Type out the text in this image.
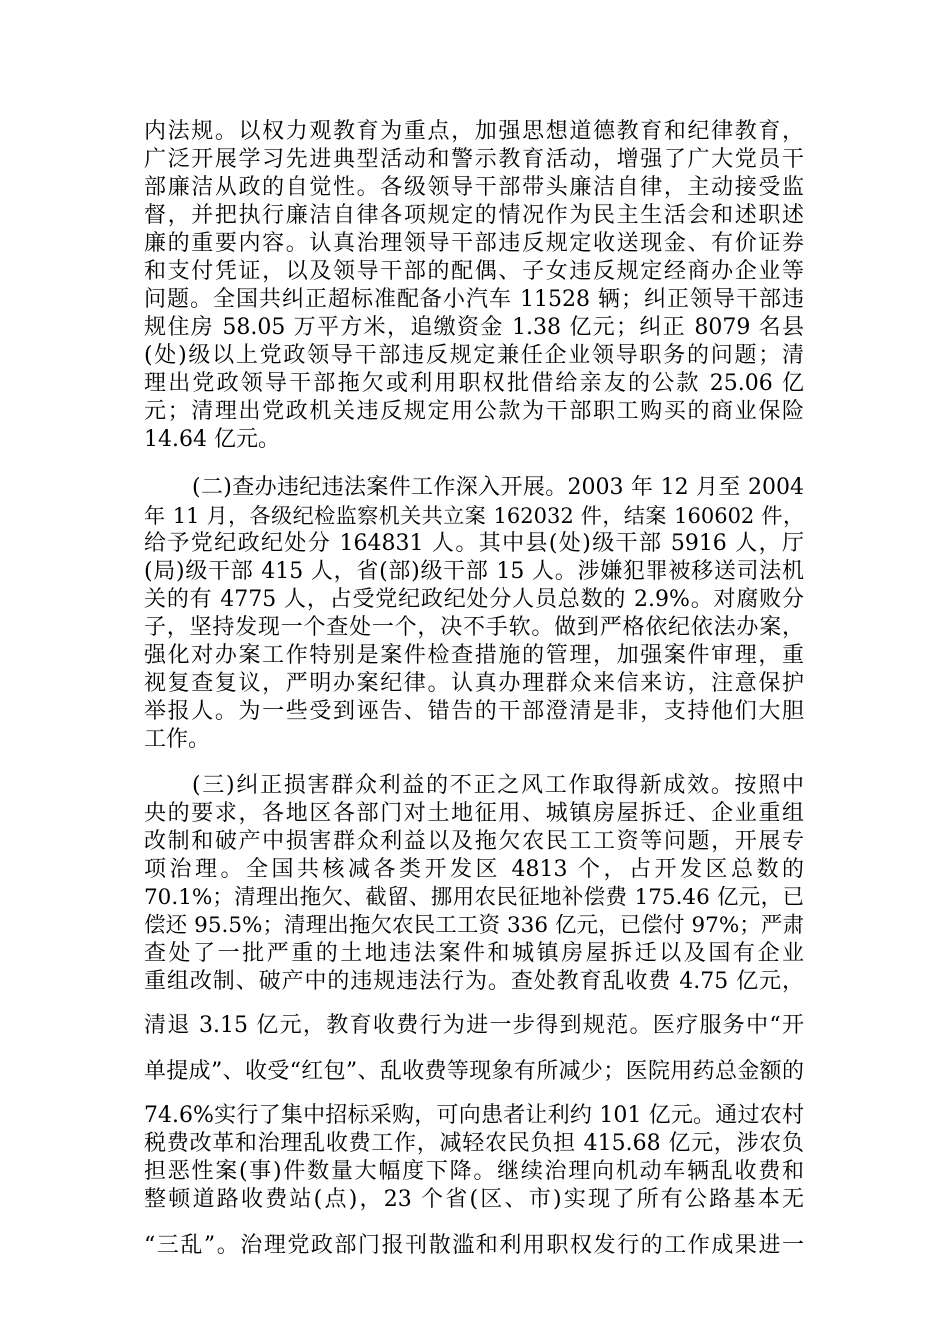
内法规。以权力观教育为重点，加强思想道德教育和纪律教育，

广泛开展学习先进典型活动和警示教育活动，增强了广大党员干

部廉洁从政的自觉性。各级领导干部带头廉洁自律，主动接受监

督，并把执行廉洁自律各项规定的情况作为民主生活会和述职述

廉的重要内容。认真治理领导干部违反规定收送现金、有价证券

和支付凭证，以及领导干部的配偶、子女违反规定经商办企业等

问题。全国共纠正超标准配备小汽车 11528 辆；纠正领导干部违

规住房 58.05 万平方米，追缴资金 1.38 亿元；纠正 8079 名县

(处)级以上党政领导干部违反规定兼任企业领导职务的问题；清

理出党政领导干部拖欠或利用职权批借给亲友的公款 25.06 亿

元；清理出党政机关违反规定用公款为干部职工购买的商业保险

14.64 亿元。

(二)查办违纪违法案件工作深入开展。2003 年 12 月至 2004

年 11 月，各级纪检监察机关共立案 162032 件，结案 160602 件，

给予党纪政纪处分 164831 人。其中县(处)级干部 5916 人，厅

(局)级干部 415 人，省(部)级干部 15 人。涉嫌犯罪被移送司法机

关的有 4775 人，占受党纪政纪处分人员总数的 2.9%。对腐败分

子，坚持发现一个查处一个，决不手软。做到严格依纪依法办案，

强化对办案工作特别是案件检查措施的管理，加强案件审理，重

视复查复议，严明办案纪律。认真办理群众来信来访，注意保护

举报人。为一些受到诬告、错告的干部澄清是非，支持他们大胆

工作。

(三)纠正损害群众利益的不正之风工作取得新成效。按照中

央的要求，各地区各部门对土地征用、城镇房屋拆迁、企业重组

改制和破产中损害群众利益以及拖欠农民工工资等问题，开展专

项治理。全国共核减各类开发区 4813 个，占开发区总数的

70.1%；清理出拖欠、截留、挪用农民征地补偿费 175.46 亿元，已

偿还 95.5%；清理出拖欠农民工工资 336 亿元，已偿付 97%；严肃

查处了一批严重的土地违法案件和城镇房屋拆迁以及国有企业

重组改制、破产中的违规违法行为。查处教育乱收费 4.75 亿元，

清退 3.15 亿元，教育收费行为进一步得到规范。医疗服务中“开

单提成”、收受“红包”、乱收费等现象有所减少；医院用药总金额的

74.6%实行了集中招标采购，可向患者让利约 101 亿元。通过农村

税费改革和治理乱收费工作，减轻农民负担 415.68 亿元，涉农负

担恶性案(事)件数量大幅度下降。继续治理向机动车辆乱收费和

整顿道路收费站(点)，23 个省(区、市)实现了所有公路基本无

“三乱”。治理党政部门报刊散滥和利用职权发行的工作成果进一
